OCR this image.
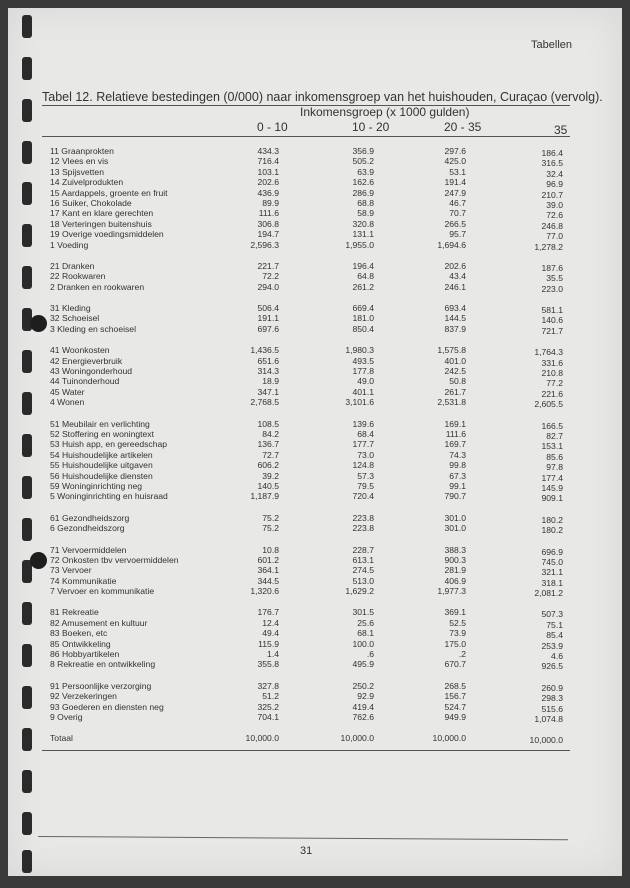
Tabellen
Tabel 12. Relatieve bestedingen (0/000) naar inkomensgroep van het huishouden, Curaçao (vervolg).
Inkomensgroep (x 1000 gulden)
0 - 10	10 - 20	20 - 35	35
11 Graanprokten	434.3	356.9	297.6	186.4
12 Vlees en vis	716.4	505.2	425.0	316.5
13 Spijsvetten	103.1	63.9	53.1	32.4
14 Zuivelprodukten	202.6	162.6	191.4	96.9
15 Aardappels, groente en fruit	436.9	286.9	247.9	210.7
16 Suiker, Chokolade	89.9	68.8	46.7	39.0
17 Kant en klare gerechten	111.6	58.9	70.7	72.6
18 Verteringen buitenshuis	306.8	320.8	266.5	246.8
19 Overige voedingsmiddelen	194.7	131.1	95.7	77.0
1 Voeding	2,596.3	1,955.0	1,694.6	1,278.2
21 Dranken	221.7	196.4	202.6	187.6
22 Rookwaren	72.2	64.8	43.4	35.5
2 Dranken en rookwaren	294.0	261.2	246.1	223.0
31 Kleding	506.4	669.4	693.4	581.1
32 Schoeisel	191.1	181.0	144.5	140.6
3 Kleding en schoeisel	697.6	850.4	837.9	721.7
41 Woonkosten	1,436.5	1,980.3	1,575.8	1,764.3
42 Energieverbruik	651.6	493.5	401.0	331.6
43 Woningonderhoud	314.3	177.8	242.5	210.8
44 Tuinonderhoud	18.9	49.0	50.8	77.2
45 Water	347.1	401.1	261.7	221.6
4 Wonen	2,768.5	3,101.6	2,531.8	2,605.5
51 Meubilair en verlichting	108.5	139.6	169.1	166.5
52 Stoffering en woningtext	84.2	68.4	111.6	82.7
53 Huish app, en gereedschap	136.7	177.7	169.7	153.1
54 Huishoudelijke artikelen	72.7	73.0	74.3	85.6
55 Huishoudelijke uitgaven	606.2	124.8	99.8	97.8
56 Huishoudelijke diensten	39.2	57.3	67.3	177.4
59 Woninginrichting neg	140.5	79.5	99.1	145.9
5 Woninginrichting en huisraad	1,187.9	720.4	790.7	909.1
61 Gezondheidszorg	75.2	223.8	301.0	180.2
6 Gezondheidszorg	75.2	223.8	301.0	180.2
71 Vervoermiddelen	10.8	228.7	388.3	696.9
72 Onkosten tbv vervoermiddelen	601.2	613.1	900.3	745.0
73 Vervoer	364.1	274.5	281.9	321.1
74 Kommunikatie	344.5	513.0	406.9	318.1
7 Vervoer en kommunikatie	1,320.6	1,629.2	1,977.3	2,081.2
81 Rekreatie	176.7	301.5	369.1	507.3
82 Amusement en kultuur	12.4	25.6	52.5	75.1
83 Boeken, etc	49.4	68.1	73.9	85.4
85 Ontwikkeling	115.9	100.0	175.0	253.9
86 Hobbyartikelen	1.4	.6	.2	4.6
8 Rekreatie en ontwikkeling	355.8	495.9	670.7	926.5
91 Persoonlijke verzorging	327.8	250.2	268.5	260.9
92 Verzekeringen	51.2	92.9	156.7	298.3
93 Goederen en diensten neg	325.2	419.4	524.7	515.6
9 Overig	704.1	762.6	949.9	1,074.8
Totaal	10,000.0	10,000.0	10,000.0	10,000.0
31
